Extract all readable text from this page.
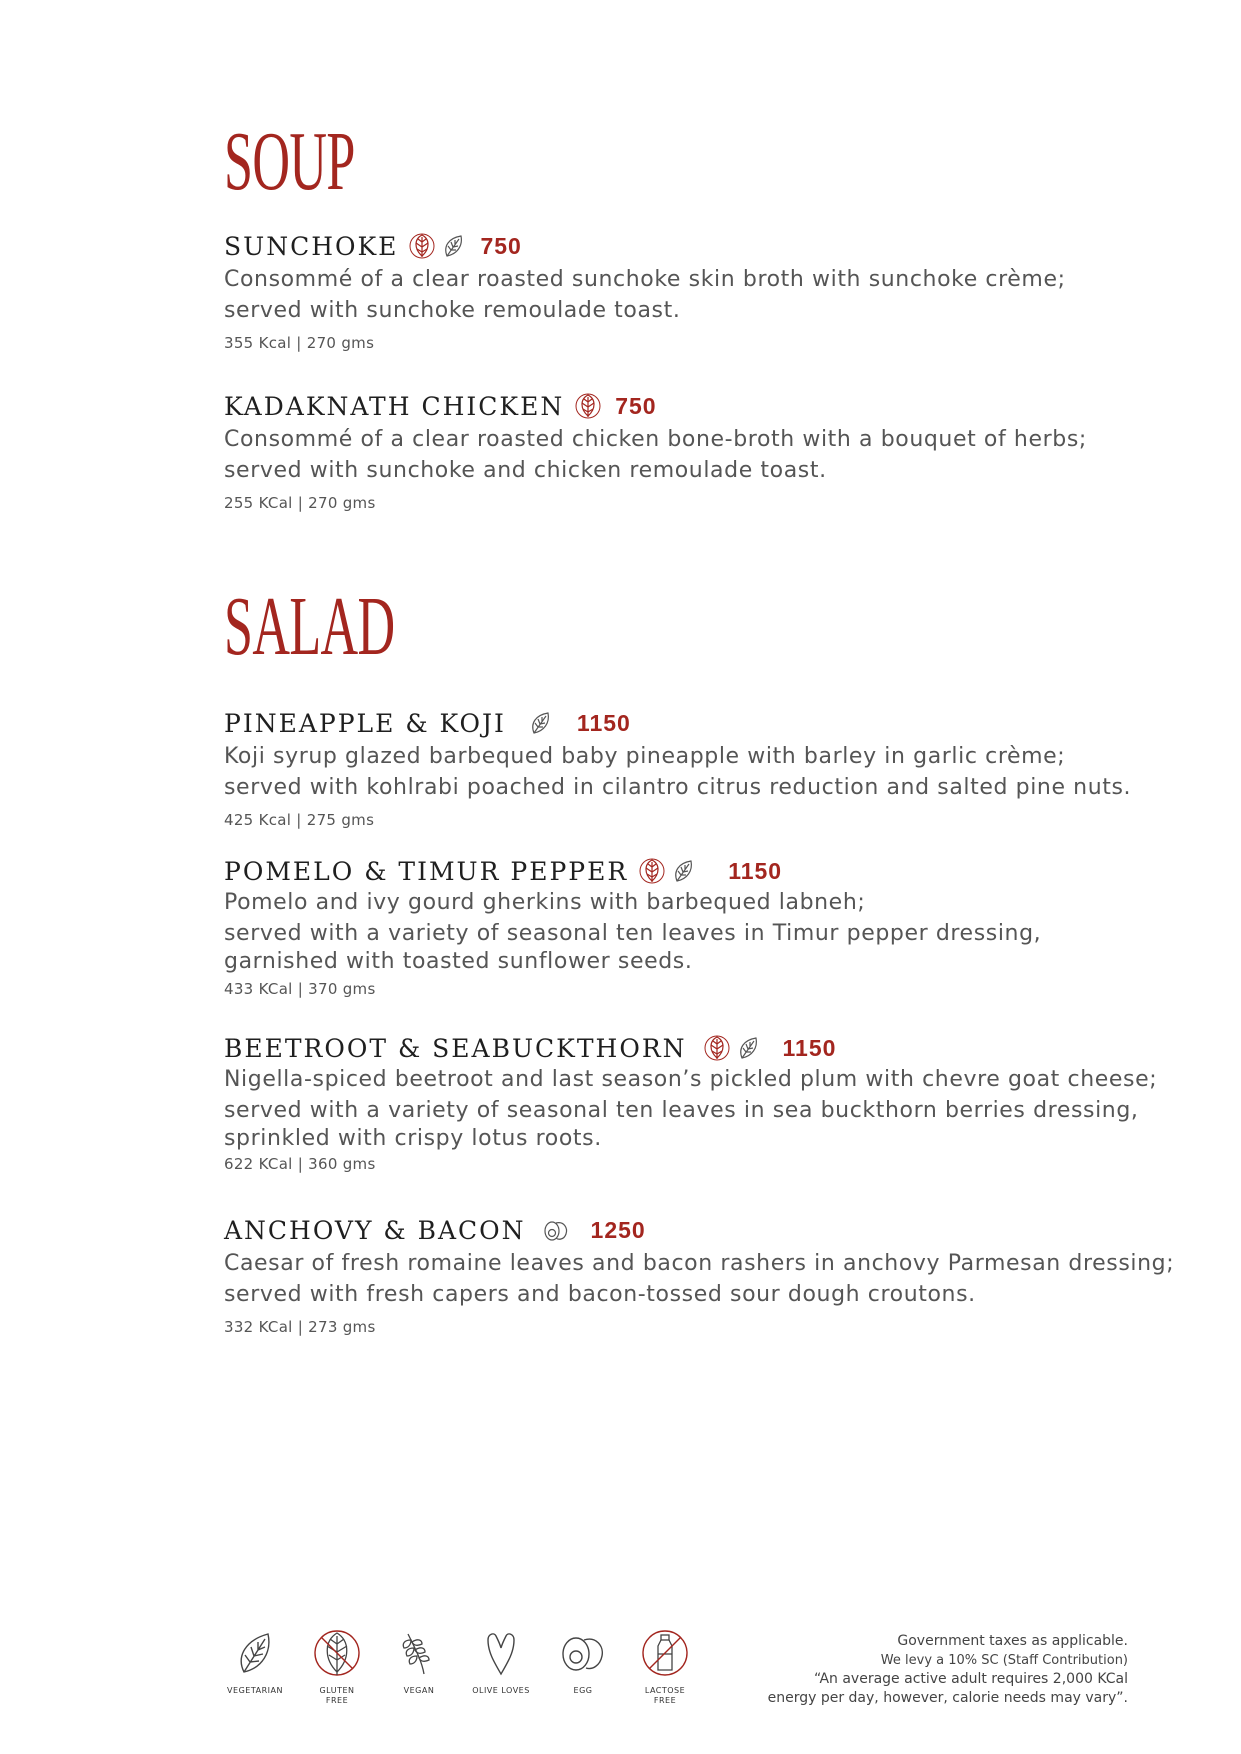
SOUP
SUNCHOKE	750
Consommé of a clear roasted sunchoke skin broth with sunchoke crème;
served with sunchoke remoulade toast.
355 Kcal | 270 gms
KADAKNATH CHICKEN 750
Consommé of a clear roasted chicken bone-broth with a bouquet of herbs;
served with sunchoke and chicken remoulade toast.
255 KCal | 270 gms
SALAD
PINEAPPLE & KOJI	1150
Koji syrup glazed barbequed baby pineapple with barley in garlic crème;
served with kohlrabi poached in cilantro citrus reduction and salted pine nuts.
425 Kcal | 275 gms
POMELO & TIMUR PEPPER	1150
Pomelo and ivy gourd gherkins with barbequed labneh;
served with a variety of seasonal ten leaves in Timur pepper dressing,
garnished with toasted sunflower seeds.
433 KCal | 370 gms
BEETROOT & SEABUCKTHORN	1150
Nigella-spiced beetroot and last season’s pickled plum with chevre goat cheese;
served with a variety of seasonal ten leaves in sea buckthorn berries dressing,
sprinkled with crispy lotus roots.
622 KCal | 360 gms
ANCHOVY & BACON	1250
Caesar of fresh romaine leaves and bacon rashers in anchovy Parmesan dressing;
served with fresh capers and bacon-tossed sour dough croutons.
332 KCal | 273 gms
VEGETARIAN	GLUTEN FREE
VEGAN	OLIVE LOVES	EGG	LACTOSE FREE
Government taxes as applicable.
We levy a 10% SC (Staff Contribution)
“An average active adult requires 2,000 KCal
energy per day, however, calorie needs may vary”.
